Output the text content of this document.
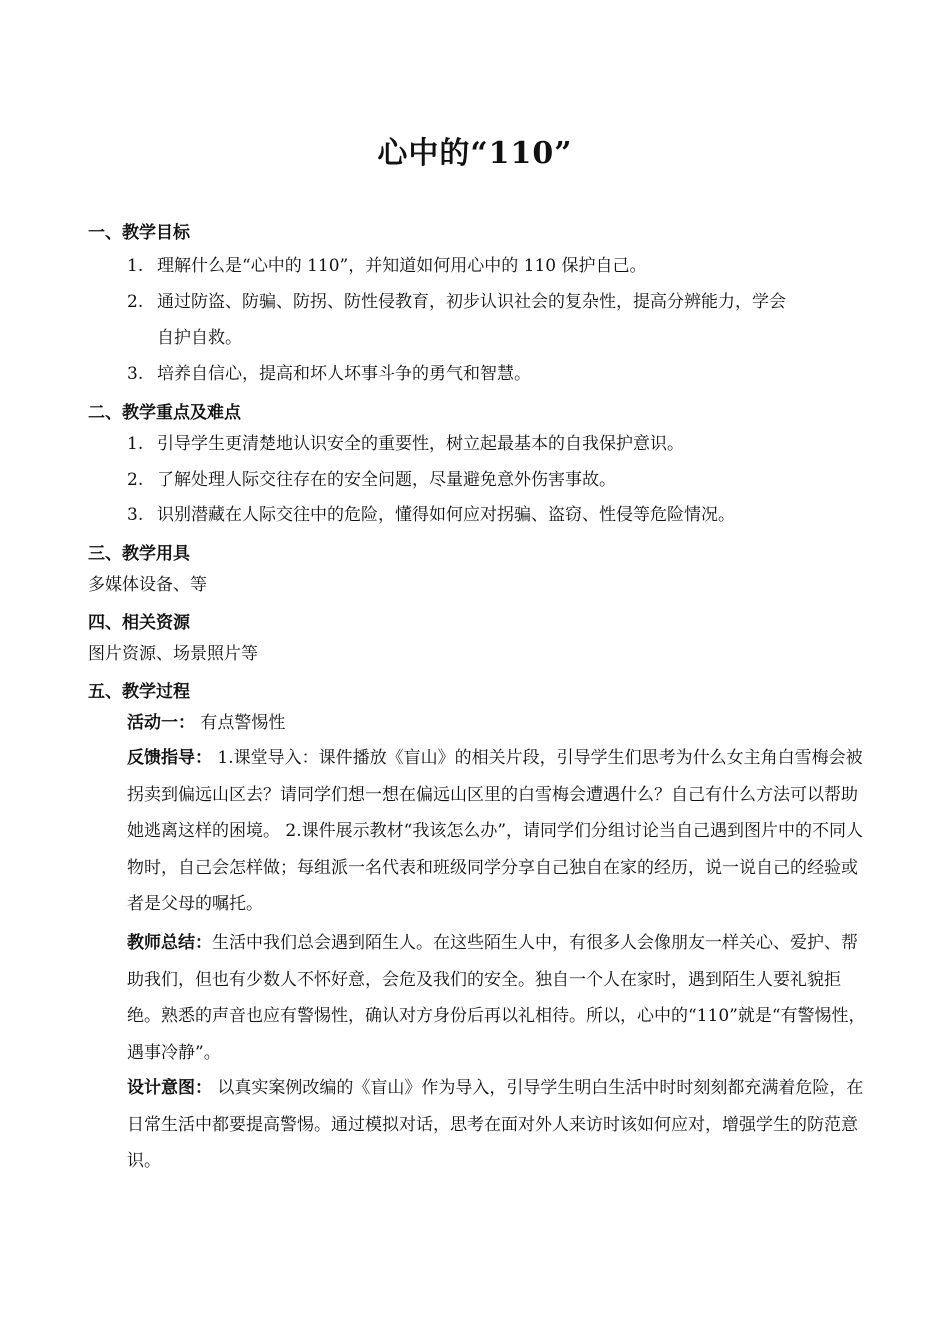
心中的“110”
一、教学目标
1. 理解什么是“心中的 110”，并知道如何用心中的 110 保护自己。
2. 通过防盗、防骗、防拐、防性侵教育，初步认识社会的复杂性，提高分辨能力，学会
自护自救。
3. 培养自信心，提高和坏人坏事斗争的勇气和智慧。
二、教学重点及难点
1. 引导学生更清楚地认识安全的重要性，树立起最基本的自我保护意识。
2. 了解处理人际交往存在的安全问题，尽量避免意外伤害事故。
3. 识别潜藏在人际交往中的危险，懂得如何应对拐骗、盗窃、性侵等危险情况。
三、教学用具
多媒体设备、等
四、相关资源
图片资源、场景照片等
五、教学过程
活动一： 有点警惕性
反馈指导： 1.课堂导入：课件播放《盲山》的相关片段，引导学生们思考为什么女主角白雪梅会被拐卖到偏远山区去？请同学们想一想在偏远山区里的白雪梅会遭遇什么？自己有什么方法可以帮助她逃离这样的困境。 2.课件展示教材“我该怎么办”，请同学们分组讨论当自己遇到图片中的不同人物时，自己会怎样做；每组派一名代表和班级同学分享自己独自在家的经历，说一说自己的经验或者是父母的嘱托。
教师总结：生活中我们总会遇到陌生人。在这些陌生人中，有很多人会像朋友一样关心、爱护、帮助我们，但也有少数人不怀好意，会危及我们的安全。独自一个人在家时，遇到陌生人要礼貌拒绝。熟悉的声音也应有警惕性，确认对方身份后再以礼相待。所以，心中的“110”就是“有警惕性，遇事冷静”。
设计意图： 以真实案例改编的《盲山》作为导入，引导学生明白生活中时时刻刻都充满着危险，在日常生活中都要提高警惕。通过模拟对话，思考在面对外人来访时该如何应对，增强学生的防范意识。
